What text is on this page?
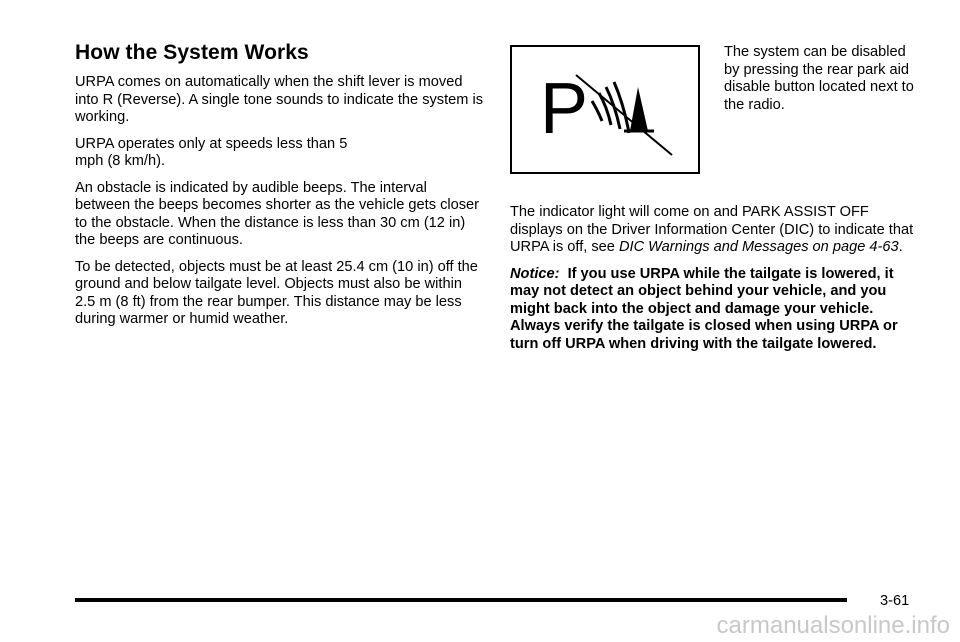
How the System Works

URPA comes on automatically when the shift lever is moved into R (Reverse). A single tone sounds to indicate the system is working.

URPA operates only at speeds less than 5 mph (8 km/h).

An obstacle is indicated by audible beeps. The interval between the beeps becomes shorter as the vehicle gets closer to the obstacle. When the distance is less than 30 cm (12 in) the beeps are continuous.

To be detected, objects must be at least 25.4 cm (10 in) off the ground and below tailgate level. Objects must also be within 2.5 m (8 ft) from the rear bumper. This distance may be less during warmer or humid weather.

P

The system can be disabled by pressing the rear park aid disable button located next to the radio.

The indicator light will come on and PARK ASSIST OFF displays on the Driver Information Center (DIC) to indicate that URPA is off, see DIC Warnings and Messages on page 4-63.

Notice: If you use URPA while the tailgate is lowered, it may not detect an object behind your vehicle, and you might back into the object and damage your vehicle. Always verify the tailgate is closed when using URPA or turn off URPA when driving with the tailgate lowered.

3-61
carmanualsonline.info
